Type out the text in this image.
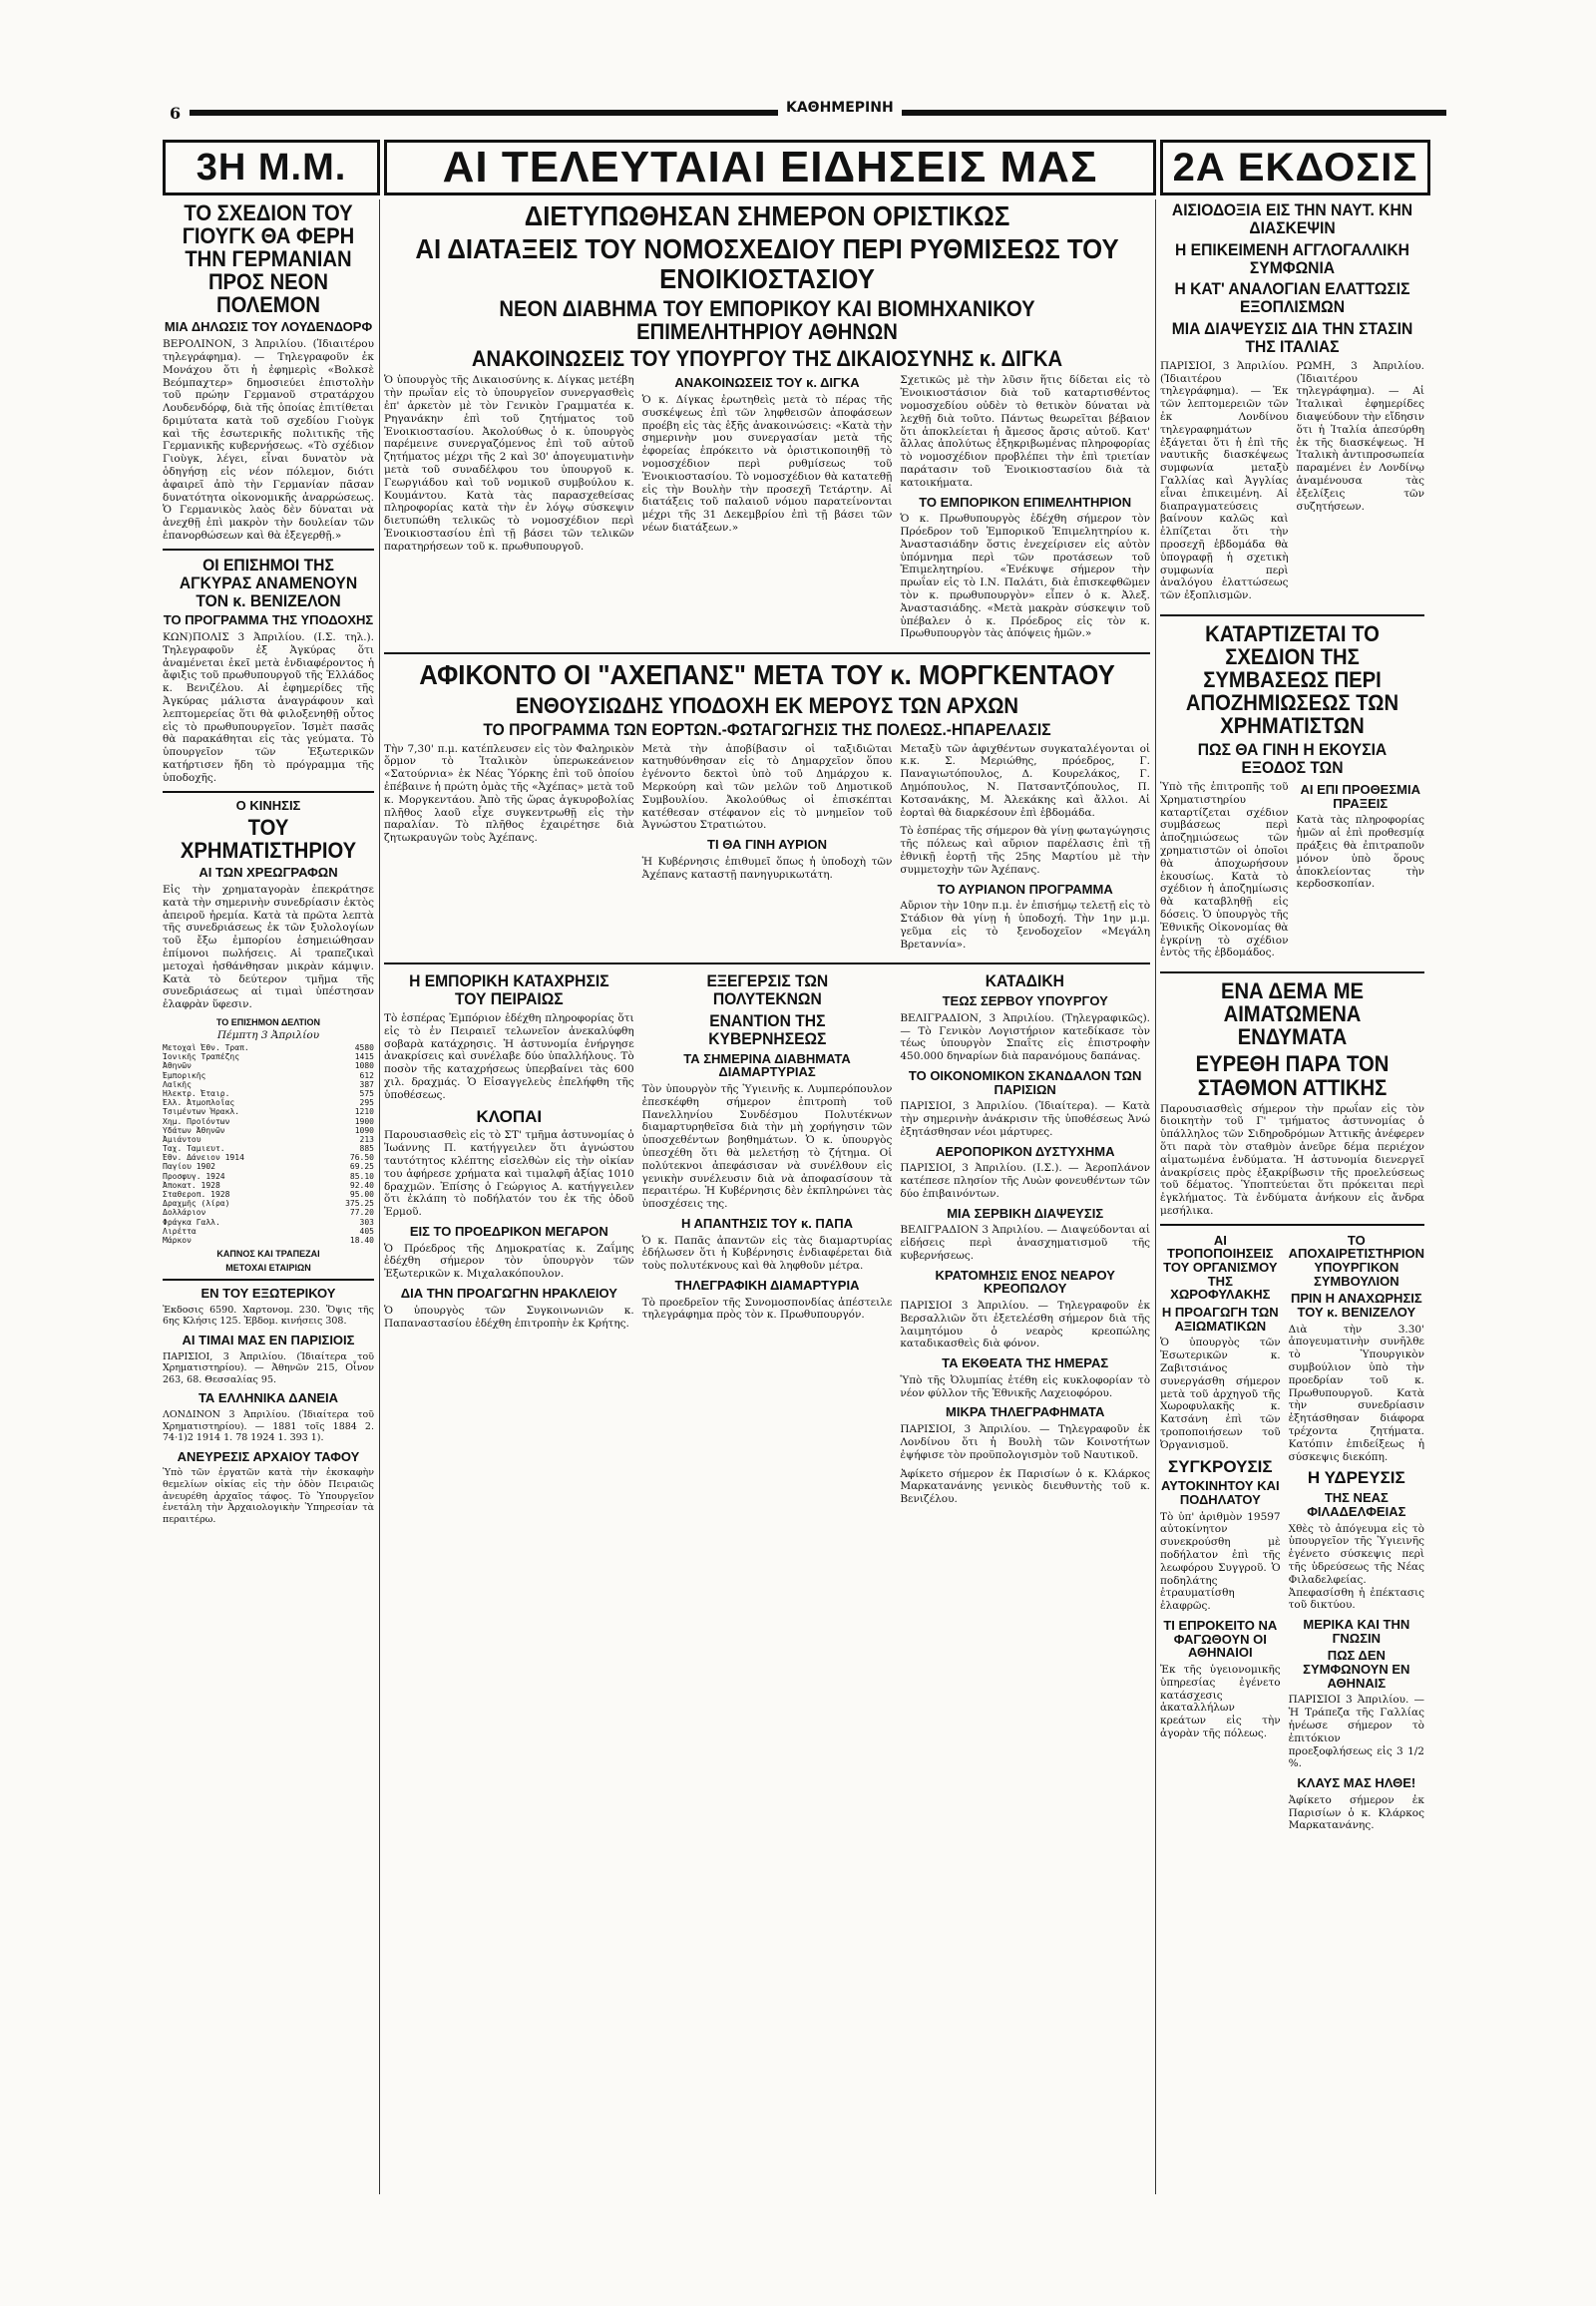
6	ΚΑΘΗΜΕΡΙΝΗ
3Η Μ.Μ.	ΑΙ ΤΕΛΕΥΤΑΙΑΙ ΕΙΔΗΣΕΙΣ ΜΑΣ	2Α ΕΚΔΟΣΙΣ
ΤΟ ΣΧΕΔΙΟΝ ΤΟΥ ΓΙΟΥΓΚ ΘΑ ΦΕΡΗ ΤΗΝ ΓΕΡΜΑΝΙΑΝ ΠΡΟΣ ΝΕΟΝ ΠΟΛΕΜΟΝ
ΜΙΑ ΔΗΛΩΣΙΣ ΤΟΥ ΛΟΥΔΕΝΔΟΡΦ

ΒΕΡΟΛΙΝΟΝ, 3 Ἀπριλίου. (Ἰδιαιτέρου τηλεγράφημα). — Τηλεγραφοῦν ἐκ Μονάχου ὅτι ἡ ἐφημερὶς «Βολκσὲ Βεόμπαχτερ» δημοσιεύει ἐπιστολὴν τοῦ πρώην Γερμανοῦ στρατάρχου Λουδενδόρφ, διὰ τῆς ὁποίας ἐπιτίθεται δριμύτατα κατὰ τοῦ σχεδίου Γιοὺγκ καὶ τῆς ἐσωτερικῆς πολιτικῆς τῆς Γερμανικῆς κυβερνήσεως. «Τὸ σχέδιον Γιοὺγκ, λέγει, εἶναι δυνατὸν νὰ ὁδηγήσῃ εἰς νέον πόλεμον, διότι ἀφαιρεῖ ἀπὸ τὴν Γερμανίαν πᾶσαν δυνατότητα οἰκονομικῆς ἀναρρώσεως. Ὁ Γερμανικὸς λαὸς δὲν δύναται νὰ ἀνεχθῇ ἐπὶ μακρὸν τὴν δουλείαν τῶν ἐπανορθώσεων καὶ θὰ ἐξεγερθῇ.»

ΟΙ ΕΠΙΣΗΜΟΙ ΤΗΣ ΑΓΚΥΡΑΣ ΑΝΑΜΕΝΟΥΝ ΤΟΝ κ. ΒΕΝΙΖΕΛΟΝ
ΤΟ ΠΡΟΓΡΑΜΜΑ ΤΗΣ ΥΠΟΔΟΧΗΣ

ΚΩΝ)ΠΟΛΙΣ 3 Ἀπριλίου. (Ι.Σ. τηλ.). Τηλεγραφοῦν ἐξ Ἀγκύρας ὅτι ἀναμένεται ἐκεῖ μετὰ ἐνδιαφέροντος ἡ ἄφιξις τοῦ πρωθυπουργοῦ τῆς Ἑλλάδος κ. Βενιζέλου. Αἱ ἐφημερίδες τῆς Ἀγκύρας μάλιστα ἀναγράφουν καὶ λεπτομερείας ὅτι θὰ φιλοξενηθῇ οὗτος εἰς τὸ πρωθυπουργεῖον. Ἰσμὲτ πασᾶς θὰ παρακάθηται εἰς τὰς γεύματα. Τὸ ὑπουργεῖον τῶν Ἐξωτερικῶν κατήρτισεν ἤδη τὸ πρόγραμμα τῆς ὑποδοχῆς.

Ο ΚΙΝΗΣΙΣ
ΤΟΥ ΧΡΗΜΑΤΙΣΤΗΡΙΟΥ
ΑΙ ΤΩΝ ΧΡΕΩΓΡΑΦΩΝ

Εἰς τὴν χρηματαγορὰν ἐπεκράτησε κατὰ τὴν σημερινὴν συνεδρίασιν ἐκτὸς ἀπειροῦ ἠρεμία. Κατὰ τὰ πρῶτα λεπτὰ τῆς συνεδριάσεως ἐκ τῶν ξυλολογίων τοῦ ἔξω ἐμπορίου ἐσημειώθησαν ἐπίμονοι πωλήσεις. Αἱ τραπεζικαὶ μετοχαὶ ἠσθάνθησαν μικρὰν κάμψιν. Κατὰ τὸ δεύτερον τμῆμα τῆς συνεδριάσεως αἱ τιμαὶ ὑπέστησαν ἐλαφρὰν ὕφεσιν.

ΤΟ ΕΠΙΣΗΜΟΝ ΔΕΛΤΙΟΝ
Πέμπτη 3 Ἀπριλίου
Μετοχαὶ Ἐθν. Τραπ.	4580
Ἰονικῆς Τραπέζης	1415
Ἀθηνῶν	1080
Ἐμπορικῆς	612
Λαϊκῆς	387
Ἠλεκτρ. Ἑταιρ.	575
Ἑλλ. Ἀτμοπλοΐας	295
Τσιμέντων Ἡρακλ.	1210
Χημ. Προϊόντων	1900
Ὑδάτων Ἀθηνῶν	1090
Ἀμιάντου	213
Ταχ. Ταμιευτ.	885
Ἐθν. Δάνειον 1914	76.50
Παγίου 1902	69.25
Προσφυγ. 1924	85.10
Ἀποκατ. 1928	92.40
Σταθεροπ. 1928	95.00
Δραχμῆς (λίρα)	375.25
Δολλάριον	77.20
Φράγκα Γαλλ.	303
Λιρέττα	405
Μάρκον	18.40
ΚΑΠΝΟΣ ΚΑΙ ΤΡΑΠΕΖΑΙ
ΜΕΤΟΧΑΙ ΕΤΑΙΡΙΩΝ
ΕΝ ΤΟΥ ΕΞΩΤΕΡΙΚΟΥ

Ἐκδοσις 6590. Χαρτονομ. 230. Ὅψις τῆς 6ης Κλήσις 125. Ἑβδομ. κινήσεις 308.

ΑΙ ΤΙΜΑΙ ΜΑΣ ΕΝ ΠΑΡΙΣΙΟΙΣ

ΠΑΡΙΣΙΟΙ, 3 Ἀπριλίου. (Ἰδιαίτερα τοῦ Χρηματιστηρίου). — Ἀθηνῶν 215, Οἶνον 263, 68. Θεσσαλίας 95.

ΤΑ ΕΛΛΗΝΙΚΑ ΔΑΝΕΙΑ

ΛΟΝΔΙΝΟΝ 3 Ἀπριλίου. (Ἰδιαίτερα τοῦ Χρηματιστηρίου). — 1881 τοῖς 1884 2. 74·1)2 1914 1. 78 1924 1. 393 1).

ΑΝΕΥΡΕΣΙΣ ΑΡΧΑΙΟΥ ΤΑΦΟΥ

Ὑπὸ τῶν ἐργατῶν κατὰ τὴν ἐκσκαφὴν θεμελίων οἰκίας εἰς τὴν ὁδὸν Πειραιῶς ἀνευρέθη ἀρχαῖος τάφος. Τὸ Ὑπουργεῖον ἐνετάλη τὴν Ἀρχαιολογικὴν Ὑπηρεσίαν τὰ περαιτέρω.

ΔΙΕΤΥΠΩΘΗΣΑΝ ΣΗΜΕΡΟΝ ΟΡΙΣΤΙΚΩΣ
ΑΙ ΔΙΑΤΑΞΕΙΣ ΤΟΥ ΝΟΜΟΣΧΕΔΙΟΥ ΠΕΡΙ ΡΥΘΜΙΣΕΩΣ ΤΟΥ ΕΝΟΙΚΙΟΣΤΑΣΙΟΥ
ΝΕΟΝ ΔΙΑΒΗΜΑ ΤΟΥ ΕΜΠΟΡΙΚΟΥ ΚΑΙ ΒΙΟΜΗΧΑΝΙΚΟΥ ΕΠΙΜΕΛΗΤΗΡΙΟΥ ΑΘΗΝΩΝ
ΑΝΑΚΟΙΝΩΣΕΙΣ ΤΟΥ ΥΠΟΥΡΓΟΥ ΤΗΣ ΔΙΚΑΙΟΣΥΝΗΣ κ. ΔΙΓΚΑ

Ὁ ὑπουργὸς τῆς Δικαιοσύνης κ. Δίγκας μετέβη τὴν πρωΐαν εἰς τὸ ὑπουργεῖον συνεργασθεὶς ἐπ' ἀρκετὸν μὲ τὸν Γενικὸν Γραμματέα κ. Ρηγανάκην ἐπὶ τοῦ ζητήματος τοῦ Ἐνοικιοστασίου. Ἀκολούθως ὁ κ. ὑπουργὸς παρέμεινε συνεργαζόμενος ἐπὶ τοῦ αὐτοῦ ζητήματος μέχρι τῆς 2 καὶ 30' ἀπογευματινὴν μετὰ τοῦ συναδέλφου του ὑπουργοῦ κ. Γεωργιάδου καὶ τοῦ νομικοῦ συμβούλου κ. Κουμάντου. Κατὰ τὰς παρασχεθείσας πληροφορίας κατὰ τὴν ἐν λόγῳ σύσκεψιν διετυπώθη τελικῶς τὸ νομοσχέδιον περὶ Ἐνοικιοστασίου ἐπὶ τῇ βάσει τῶν τελικῶν παρατηρήσεων τοῦ κ. πρωθυπουργοῦ.

ΑΝΑΚΟΙΝΩΣΕΙΣ ΤΟΥ κ. ΔΙΓΚΑ

Ὁ κ. Δίγκας ἐρωτηθεὶς μετὰ τὸ πέρας τῆς συσκέψεως ἐπὶ τῶν ληφθεισῶν ἀποφάσεων προέβη εἰς τὰς ἑξῆς ἀνακοινώσεις: «Κατὰ τὴν σημερινὴν μου συνεργασίαν μετὰ τῆς ἐφορείας ἐπρόκειτο νὰ ὁριστικοποιηθῇ τὸ νομοσχέδιον περὶ ρυθμίσεως τοῦ Ἐνοικιοστασίου. Τὸ νομοσχέδιον θὰ κατατεθῇ εἰς τὴν Βουλὴν τὴν προσεχῆ Τετάρτην. Αἱ διατάξεις τοῦ παλαιοῦ νόμου παρατείνονται μέχρι τῆς 31 Δεκεμβρίου ἐπὶ τῇ βάσει τῶν νέων διατάξεων.»

Σχετικῶς μὲ τὴν λῦσιν ἥτις δίδεται εἰς τὸ Ἐνοικιοστάσιον διὰ τοῦ καταρτισθέντος νομοσχεδίου οὐδὲν τὸ θετικὸν δύναται νὰ λεχθῇ διὰ τοῦτο. Πάντως θεωρεῖται βέβαιον ὅτι ἀποκλείεται ἡ ἄμεσος ἄρσις αὐτοῦ. Κατ' ἄλλας ἀπολύτως ἐξηκριβωμένας πληροφορίας τὸ νομοσχέδιον προβλέπει τὴν ἐπὶ τριετίαν παράτασιν τοῦ Ἐνοικιοστασίου διὰ τὰ κατοικήματα.

ΤΟ ΕΜΠΟΡΙΚΟΝ ΕΠΙΜΕΛΗΤΗΡΙΟΝ

Ὁ κ. Πρωθυπουργὸς ἐδέχθη σήμερον τὸν Πρόεδρον τοῦ Ἐμπορικοῦ Ἐπιμελητηρίου κ. Ἀναστασιάδην ὅστις ἐνεχείρισεν εἰς αὐτὸν ὑπόμνημα περὶ τῶν προτάσεων τοῦ Ἐπιμελητηρίου. «Ἐνέκυψε σήμερον τὴν πρωΐαν εἰς τὸ Ι.Ν. Παλάτι, διὰ ἐπισκεφθῶμεν τὸν κ. πρωθυπουργὸν» εἶπεν ὁ κ. Ἀλεξ. Ἀναστασιάδης. «Μετὰ μακρὰν σύσκεψιν τοῦ ὑπέβαλεν ὁ κ. Πρόεδρος εἰς τὸν κ. Πρωθυπουργὸν τὰς ἀπόψεις ἡμῶν.»

ΑΦΙΚΟΝΤΟ ΟΙ "ΑΧΕΠΑΝΣ" ΜΕΤΑ ΤΟΥ κ. ΜΟΡΓΚΕΝΤΑΟΥ
ΕΝΘΟΥΣΙΩΔΗΣ ΥΠΟΔΟΧΗ ΕΚ ΜΕΡΟΥΣ ΤΩΝ ΑΡΧΩΝ
ΤΟ ΠΡΟΓΡΑΜΜΑ ΤΩΝ ΕΟΡΤΩΝ.-ΦΩΤΑΓΩΓΗΣΙΣ ΤΗΣ ΠΟΛΕΩΣ.-ΗΠΑΡΕΛΑΣΙΣ

Τὴν 7,30' π.μ. κατέπλευσεν εἰς τὸν Φαληρικὸν ὅρμον τὸ Ἰταλικὸν ὑπερωκεάνειον «Σατούρνια» ἐκ Νέας Ὑόρκης ἐπὶ τοῦ ὁποίου ἐπέβαινε ἡ πρώτη ὁμὰς τῆς «Ἀχέπας» μετὰ τοῦ κ. Μοργκεντάου. Ἀπὸ τῆς ὥρας ἀγκυροβολίας πλῆθος λαοῦ εἶχε συγκεντρωθῇ εἰς τὴν παραλίαν. Τὸ πλῆθος ἐχαιρέτησε διὰ ζητωκραυγῶν τοὺς Ἀχέπανς.

Μετὰ τὴν ἀποβίβασιν οἱ ταξιδιῶται κατηυθύνθησαν εἰς τὸ Δημαρχεῖον ὅπου ἐγένοντο δεκτοὶ ὑπὸ τοῦ Δημάρχου κ. Μερκούρη καὶ τῶν μελῶν τοῦ Δημοτικοῦ Συμβουλίου. Ἀκολούθως οἱ ἐπισκέπται κατέθεσαν στέφανον εἰς τὸ μνημεῖον τοῦ Ἀγνώστου Στρατιώτου.

ΤΙ ΘΑ ΓΙΝΗ ΑΥΡΙΟΝ

Ἡ Κυβέρνησις ἐπιθυμεῖ ὅπως ἡ ὑποδοχὴ τῶν Ἀχέπανς καταστῇ πανηγυρικωτάτη.

Μεταξὺ τῶν ἀφιχθέντων συγκαταλέγονται οἱ κ.κ. Σ. Μεριώθης, πρόεδρος, Γ. Παναγιωτόπουλος, Δ. Κουρελάκος, Γ. Δημόπουλος, Ν. Πατσαντζόπουλος, Π. Κοτσανάκης, Μ. Ἀλεκάκης καὶ ἄλλοι. Αἱ ἑορταὶ θὰ διαρκέσουν ἐπὶ ἑβδομάδα.

Τὸ ἑσπέρας τῆς σήμερον θὰ γίνῃ φωταγώγησις τῆς πόλεως καὶ αὔριον παρέλασις ἐπὶ τῇ ἐθνικῇ ἑορτῇ τῆς 25ης Μαρτίου μὲ τὴν συμμετοχὴν τῶν Ἀχέπανς.

ΤΟ ΑΥΡΙΑΝΟΝ ΠΡΟΓΡΑΜΜΑ

Αὔριον τὴν 10ην π.μ. ἐν ἐπισήμῳ τελετῇ εἰς τὸ Στάδιον θὰ γίνῃ ἡ ὑποδοχή. Τὴν 1ην μ.μ. γεῦμα εἰς τὸ ξενοδοχεῖον «Μεγάλη Βρεταννία».

Η ΕΜΠΟΡΙΚΗ ΚΑΤΑΧΡΗΣΙΣ ΤΟΥ ΠΕΙΡΑΙΩΣ

Τὸ ἑσπέρας Ἐμπόριον ἐδέχθη πληροφορίας ὅτι εἰς τὸ ἐν Πειραιεῖ τελωνεῖον ἀνεκαλύφθη σοβαρὰ κατάχρησις. Ἡ ἀστυνομία ἐνήργησε ἀνακρίσεις καὶ συνέλαβε δύο ὑπαλλήλους. Τὸ ποσὸν τῆς καταχρήσεως ὑπερβαίνει τὰς 600 χιλ. δραχμάς. Ὁ Εἰσαγγελεὺς ἐπελήφθη τῆς ὑποθέσεως.

ΚΛΟΠΑΙ

Παρουσιασθεὶς εἰς τὸ ΣΤ' τμῆμα ἀστυνομίας ὁ Ἰωάννης Π. κατήγγειλεν ὅτι ἀγνώστου ταυτότητος κλέπτης εἰσελθὼν εἰς τὴν οἰκίαν του ἀφήρεσε χρήματα καὶ τιμαλφῆ ἀξίας 1010 δραχμῶν. Ἐπίσης ὁ Γεώργιος Α. κατήγγειλεν ὅτι ἐκλάπη τὸ ποδήλατόν του ἐκ τῆς ὁδοῦ Ἑρμοῦ.

ΕΙΣ ΤΟ ΠΡΟΕΔΡΙΚΟΝ ΜΕΓΑΡΟΝ

Ὁ Πρόεδρος τῆς Δημοκρατίας κ. Ζαΐμης ἐδέχθη σήμερον τὸν ὑπουργὸν τῶν Ἐξωτερικῶν κ. Μιχαλακόπουλον.

ΔΙΑ ΤΗΝ ΠΡΟΑΓΩΓΗΝ ΗΡΑΚΛΕΙΟΥ

Ὁ ὑπουργὸς τῶν Συγκοινωνιῶν κ. Παπαναστασίου ἐδέχθη ἐπιτροπὴν ἐκ Κρήτης.

ΕΞΕΓΕΡΣΙΣ ΤΩΝ ΠΟΛΥΤΕΚΝΩΝ
ΕΝΑΝΤΙΟΝ ΤΗΣ ΚΥΒΕΡΝΗΣΕΩΣ
ΤΑ ΣΗΜΕΡΙΝΑ ΔΙΑΒΗΜΑΤΑ ΔΙΑΜΑΡΤΥΡΙΑΣ

Τὸν ὑπουργὸν τῆς Ὑγιεινῆς κ. Λυμπερόπουλον ἐπεσκέφθη σήμερον ἐπιτροπὴ τοῦ Πανελληνίου Συνδέσμου Πολυτέκνων διαμαρτυρηθεῖσα διὰ τὴν μὴ χορήγησιν τῶν ὑποσχεθέντων βοηθημάτων. Ὁ κ. ὑπουργὸς ὑπεσχέθη ὅτι θὰ μελετήσῃ τὸ ζήτημα. Οἱ πολύτεκνοι ἀπεφάσισαν νὰ συνέλθουν εἰς γενικὴν συνέλευσιν διὰ νὰ ἀποφασίσουν τὰ περαιτέρω. Ἡ Κυβέρνησις δὲν ἐκπληρώνει τὰς ὑποσχέσεις της.

Η ΑΠΑΝΤΗΣΙΣ ΤΟΥ κ. ΠΑΠΑ

Ὁ κ. Παπᾶς ἀπαντῶν εἰς τὰς διαμαρτυρίας ἐδήλωσεν ὅτι ἡ Κυβέρνησις ἐνδιαφέρεται διὰ τοὺς πολυτέκνους καὶ θὰ ληφθοῦν μέτρα.

ΤΗΛΕΓΡΑΦΙΚΗ ΔΙΑΜΑΡΤΥΡΙΑ

Τὸ προεδρεῖον τῆς Συνομοσπονδίας ἀπέστειλε τηλεγράφημα πρὸς τὸν κ. Πρωθυπουργόν.

ΚΑΤΑΔΙΚΗ
ΤΕΩΣ ΣΕΡΒΟΥ ΥΠΟΥΡΓΟΥ

ΒΕΛΙΓΡΑΔΙΟΝ, 3 Ἀπριλίου. (Τηλεγραφικῶς). — Τὸ Γενικὸν Λογιστήριον κατεδίκασε τὸν τέως ὑπουργὸν Σπαΐτς εἰς ἐπιστροφὴν 450.000 δηναρίων διὰ παρανόμους δαπάνας.

ΤΟ ΟΙΚΟΝΟΜΙΚΟΝ ΣΚΑΝΔΑΛΟΝ ΤΩΝ ΠΑΡΙΣΙΩΝ

ΠΑΡΙΣΙΟΙ, 3 Ἀπριλίου. (Ἰδιαίτερα). — Κατὰ τὴν σημερινὴν ἀνάκρισιν τῆς ὑποθέσεως Ἀνώ ἐξητάσθησαν νέοι μάρτυρες.

ΑΕΡΟΠΟΡΙΚΟΝ ΔΥΣΤΥΧΗΜΑ

ΠΑΡΙΣΙΟΙ, 3 Ἀπριλίου. (Ι.Σ.). — Ἀεροπλάνον κατέπεσε πλησίον τῆς Λυὼν φονευθέντων τῶν δύο ἐπιβαινόντων.

ΜΙΑ ΣΕΡΒΙΚΗ ΔΙΑΨΕΥΣΙΣ

ΒΕΛΙΓΡΑΔΙΟΝ 3 Ἀπριλίου. — Διαψεύδονται αἱ εἰδήσεις περὶ ἀνασχηματισμοῦ τῆς κυβερνήσεως.

ΚΡΑΤΟΜΗΣΙΣ ΕΝΟΣ ΝΕΑΡΟΥ ΚΡΕΟΠΩΛΟΥ

ΠΑΡΙΣΙΟΙ 3 Ἀπριλίου. — Τηλεγραφοῦν ἐκ Βερσαλλιῶν ὅτι ἐξετελέσθη σήμερον διὰ τῆς λαιμητόμου ὁ νεαρὸς κρεοπώλης καταδικασθεὶς διὰ φόνον.

ΤΑ ΕΚΘΕΑΤΑ ΤΗΣ ΗΜΕΡΑΣ

Ὑπὸ τῆς Ὀλυμπίας ἐτέθη εἰς κυκλοφορίαν τὸ νέον φύλλον τῆς Ἐθνικῆς Λαχειοφόρου.

ΜΙΚΡΑ ΤΗΛΕΓΡΑΦΗΜΑΤΑ

ΠΑΡΙΣΙΟΙ, 3 Ἀπριλίου. — Τηλεγραφοῦν ἐκ Λονδίνου ὅτι ἡ Βουλὴ τῶν Κοινοτήτων ἐψήφισε τὸν προϋπολογισμὸν τοῦ Ναυτικοῦ.

Ἀφίκετο σήμερον ἐκ Παρισίων ὁ κ. Κλάρκος Μαρκατανάνης γενικὸς διευθυντὴς τοῦ κ. Βενιζέλου.

ΑΙΣΙΟΔΟΞΙΑ ΕΙΣ ΤΗΝ ΝΑΥΤ. ΚΗΝ ΔΙΑΣΚΕΨΙΝ
Η ΕΠΙΚΕΙΜΕΝΗ ΑΓΓΛΟΓΑΛΛΙΚΗ ΣΥΜΦΩΝΙΑ
Η ΚΑΤ' ΑΝΑΛΟΓΙΑΝ ΕΛΑΤΤΩΣΙΣ ΕΞΟΠΛΙΣΜΩΝ
ΜΙΑ ΔΙΑΨΕΥΣΙΣ ΔΙΑ ΤΗΝ ΣΤΑΣΙΝ ΤΗΣ ΙΤΑΛΙΑΣ

ΠΑΡΙΣΙΟΙ, 3 Ἀπριλίου. (Ἰδιαιτέρου τηλεγράφημα). — Ἐκ τῶν λεπτομερειῶν τῶν ἐκ Λονδίνου τηλεγραφημάτων ἐξάγεται ὅτι ἡ ἐπὶ τῆς ναυτικῆς διασκέψεως συμφωνία μεταξὺ Γαλλίας καὶ Ἀγγλίας εἶναι ἐπικειμένη. Αἱ διαπραγματεύσεις βαίνουν καλῶς καὶ ἐλπίζεται ὅτι τὴν προσεχῆ ἑβδομάδα θὰ ὑπογραφῇ ἡ σχετικὴ συμφωνία περὶ ἀναλόγου ἐλαττώσεως τῶν ἐξοπλισμῶν.

ΡΩΜΗ, 3 Ἀπριλίου. (Ἰδιαιτέρου τηλεγράφημα). — Αἱ Ἰταλικαὶ ἐφημερίδες διαψεύδουν τὴν εἴδησιν ὅτι ἡ Ἰταλία ἀπεσύρθη ἐκ τῆς διασκέψεως. Ἡ Ἰταλικὴ ἀντιπροσωπεία παραμένει ἐν Λονδίνῳ ἀναμένουσα τὰς ἐξελίξεις τῶν συζητήσεων.

ΚΑΤΑΡΤΙΖΕΤΑΙ ΤΟ ΣΧΕΔΙΟΝ ΤΗΣ ΣΥΜΒΑΣΕΩΣ ΠΕΡΙ ΑΠΟΖΗΜΙΩΣΕΩΣ ΤΩΝ ΧΡΗΜΑΤΙΣΤΩΝ
ΠΩΣ ΘΑ ΓΙΝΗ Η ΕΚΟΥΣΙΑ ΕΞΟΔΟΣ ΤΩΝ

Ὑπὸ τῆς ἐπιτροπῆς τοῦ Χρηματιστηρίου καταρτίζεται σχέδιον συμβάσεως περὶ ἀποζημιώσεως τῶν χρηματιστῶν οἱ ὁποῖοι θὰ ἀποχωρήσουν ἑκουσίως. Κατὰ τὸ σχέδιον ἡ ἀποζημίωσις θὰ καταβληθῇ εἰς δόσεις. Ὁ ὑπουργὸς τῆς Ἐθνικῆς Οἰκονομίας θὰ ἐγκρίνῃ τὸ σχέδιον ἐντὸς τῆς ἑβδομάδος.

ΑΙ ΕΠΙ ΠΡΟΘΕΣΜΙΑ ΠΡΑΞΕΙΣ

Κατὰ τὰς πληροφορίας ἡμῶν αἱ ἐπὶ προθεσμίᾳ πράξεις θὰ ἐπιτραποῦν μόνον ὑπὸ ὅρους ἀποκλείοντας τὴν κερδοσκοπίαν.

ΕΝΑ ΔΕΜΑ ΜΕ ΑΙΜΑΤΩΜΕΝΑ ΕΝΔΥΜΑΤΑ
ΕΥΡΕΘΗ ΠΑΡΑ ΤΟΝ ΣΤΑΘΜΟΝ ΑΤΤΙΚΗΣ

Παρουσιασθεὶς σήμερον τὴν πρωΐαν εἰς τὸν διοικητὴν τοῦ Γ' τμήματος ἀστυνομίας ὁ ὑπάλληλος τῶν Σιδηροδρόμων Ἀττικῆς ἀνέφερεν ὅτι παρὰ τὸν σταθμὸν ἀνεῦρε δέμα περιέχον αἱματωμένα ἐνδύματα. Ἡ ἀστυνομία διενεργεῖ ἀνακρίσεις πρὸς ἐξακρίβωσιν τῆς προελεύσεως τοῦ δέματος. Ὑποπτεύεται ὅτι πρόκειται περὶ ἐγκλήματος. Τὰ ἐνδύματα ἀνήκουν εἰς ἄνδρα μεσήλικα.

ΑΙ ΤΡΟΠΟΠΟΙΗΣΕΙΣ ΤΟΥ ΟΡΓΑΝΙΣΜΟΥ ΤΗΣ ΧΩΡΟΦΥΛΑΚΗΣ
Η ΠΡΟΑΓΩΓΗ ΤΩΝ ΑΞΙΩΜΑΤΙΚΩΝ

Ὁ ὑπουργὸς τῶν Ἐσωτερικῶν κ. Ζαβιτσιάνος συνεργάσθη σήμερον μετὰ τοῦ ἀρχηγοῦ τῆς Χωροφυλακῆς κ. Κατσάνη ἐπὶ τῶν τροποποιήσεων τοῦ Ὀργανισμοῦ.

ΣΥΓΚΡΟΥΣΙΣ
ΑΥΤΟΚΙΝΗΤΟΥ ΚΑΙ ΠΟΔΗΛΑΤΟΥ

Τὸ ὑπ' ἀριθμὸν 19597 αὐτοκίνητον συνεκρούσθη μὲ ποδήλατον ἐπὶ τῆς λεωφόρου Συγγροῦ. Ὁ ποδηλάτης ἐτραυματίσθη ἐλαφρῶς.

ΤΙ ΕΠΡΟΚΕΙΤΟ ΝΑ ΦΑΓΩΘΟΥΝ ΟΙ ΑΘΗΝΑΙΟΙ

Ἐκ τῆς ὑγειονομικῆς ὑπηρεσίας ἐγένετο κατάσχεσις ἀκαταλλήλων κρεάτων εἰς τὴν ἀγορὰν τῆς πόλεως.

ΤΟ ΑΠΟΧΑΙΡΕΤΙΣΤΗΡΙΟΝ ΥΠΟΥΡΓΙΚΟΝ ΣΥΜΒΟΥΛΙΟΝ
ΠΡΙΝ Η ΑΝΑΧΩΡΗΣΙΣ ΤΟΥ κ. ΒΕΝΙΖΕΛΟΥ

Διὰ τὴν 3.30' ἀπογευματινὴν συνῆλθε τὸ Ὑπουργικὸν συμβούλιον ὑπὸ τὴν προεδρίαν τοῦ κ. Πρωθυπουργοῦ. Κατὰ τὴν συνεδρίασιν ἐξητάσθησαν διάφορα τρέχοντα ζητήματα. Κατόπιν ἐπιδείξεως ἡ σύσκεψις διεκόπη.

Η ΥΔΡΕΥΣΙΣ
ΤΗΣ ΝΕΑΣ ΦΙΛΑΔΕΛΦΕΙΑΣ

Χθὲς τὸ ἀπόγευμα εἰς τὸ ὑπουργεῖον τῆς Ὑγιεινῆς ἐγένετο σύσκεψις περὶ τῆς ὑδρεύσεως τῆς Νέας Φιλαδελφείας. Ἀπεφασίσθη ἡ ἐπέκτασις τοῦ δικτύου.

ΜΕΡΙΚΑ ΚΑΙ ΤΗΝ ΓΝΩΣΙΝ
ΠΩΣ ΔΕΝ ΣΥΜΦΩΝΟΥΝ ΕΝ ΑΘΗΝΑΙΣ

ΠΑΡΙΣΙΟΙ 3 Ἀπριλίου. — Ἡ Τράπεζα τῆς Γαλλίας ἠνέωσε σήμερον τὸ ἐπιτόκιον προεξοφλήσεως εἰς 3 1/2 %.

ΚΛΑΥΣ ΜΑΣ ΗΛΘΕ!

Ἀφίκετο σήμερον ἐκ Παρισίων ὁ κ. Κλάρκος Μαρκατανάνης.
